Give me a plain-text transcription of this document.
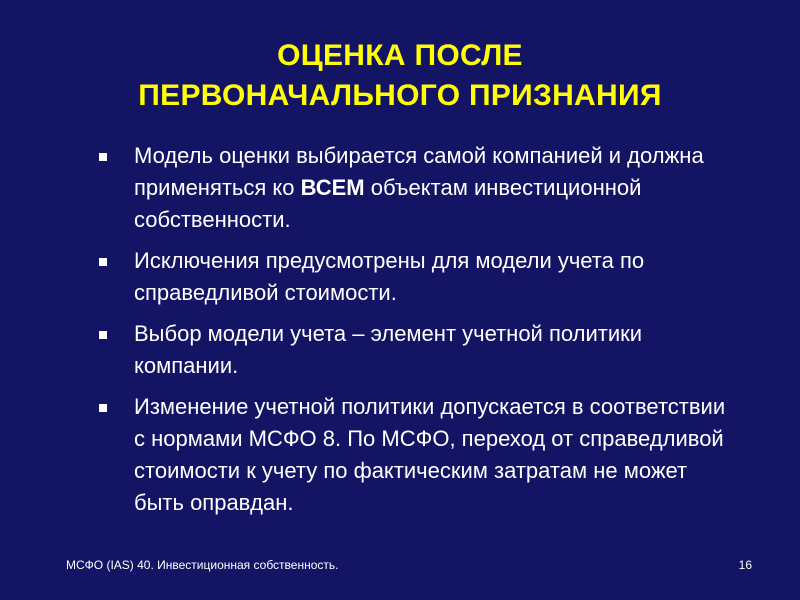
ОЦЕНКА ПОСЛЕ
ПЕРВОНАЧАЛЬНОГО ПРИЗНАНИЯ
Модель оценки выбирается самой компанией и должна применяться ко ВСЕМ объектам инвестиционной собственности.
Исключения предусмотрены для модели учета по справедливой стоимости.
Выбор модели учета – элемент учетной политики компании.
Изменение учетной политики допускается в соответствии с нормами МСФО 8. По МСФО, переход от справедливой стоимости к учету по фактическим затратам не может быть оправдан.
МСФО (IAS) 40. Инвестиционная собственность.	16
